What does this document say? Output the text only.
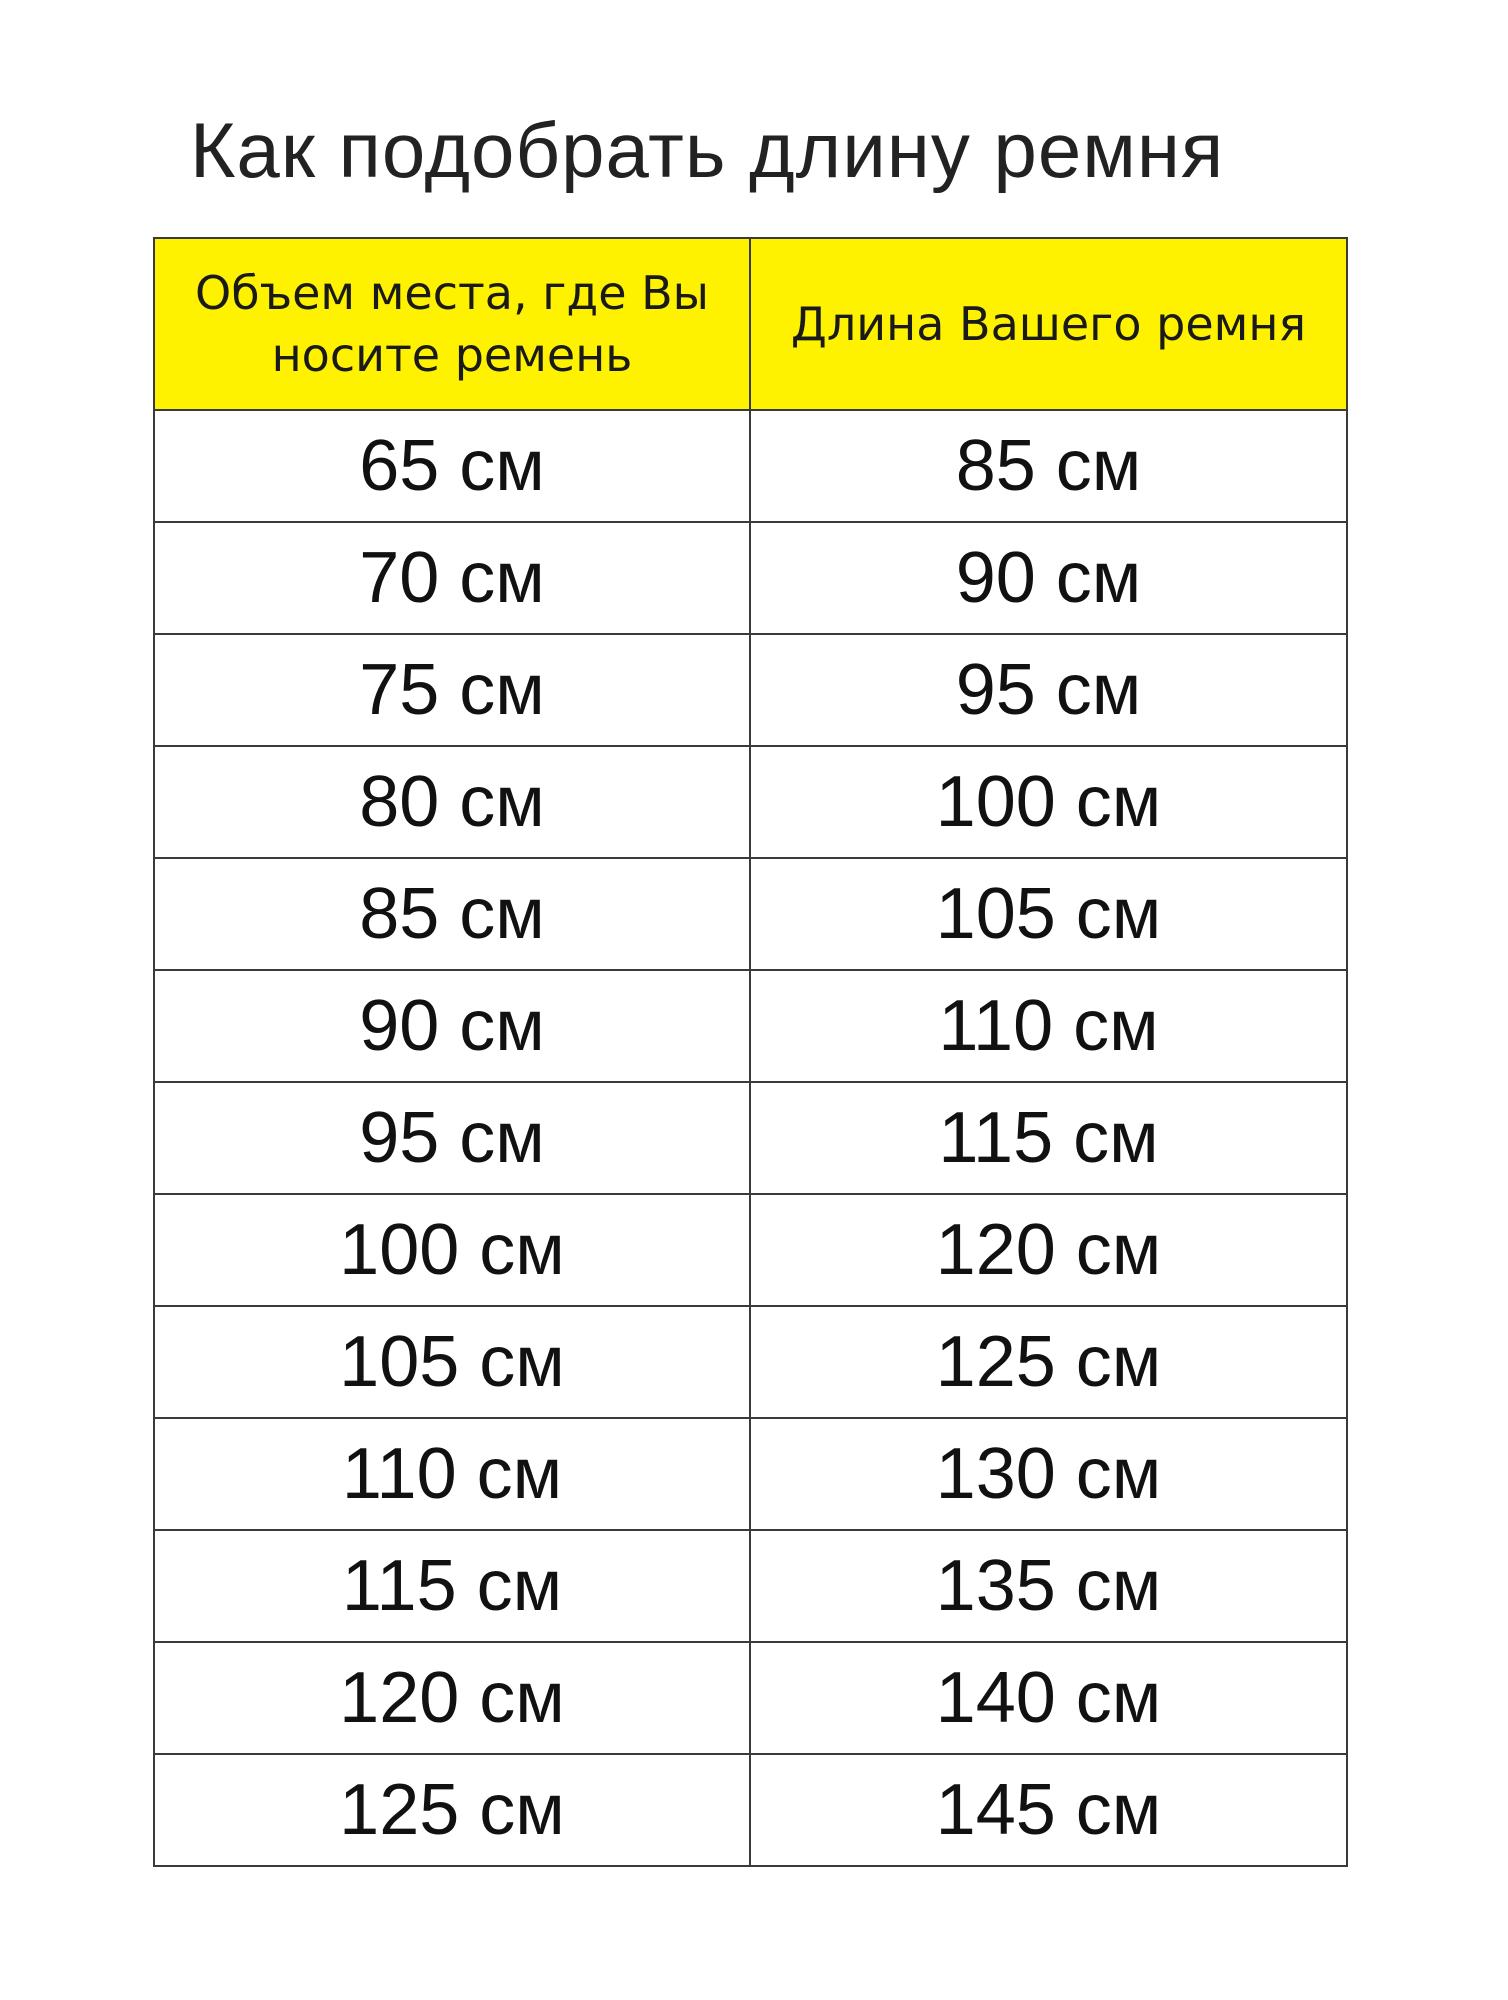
Как подобрать длину ремня
Объем места, где Вы носите ремень	Длина Вашего ремня
65 см	85 см
70 см	90 см
75 см	95 см
80 см	100 см
85 см	105 см
90 см	110 см
95 см	115 см
100 см	120 см
105 см	125 см
110 см	130 см
115 см	135 см
120 см	140 см
125 см	145 см
